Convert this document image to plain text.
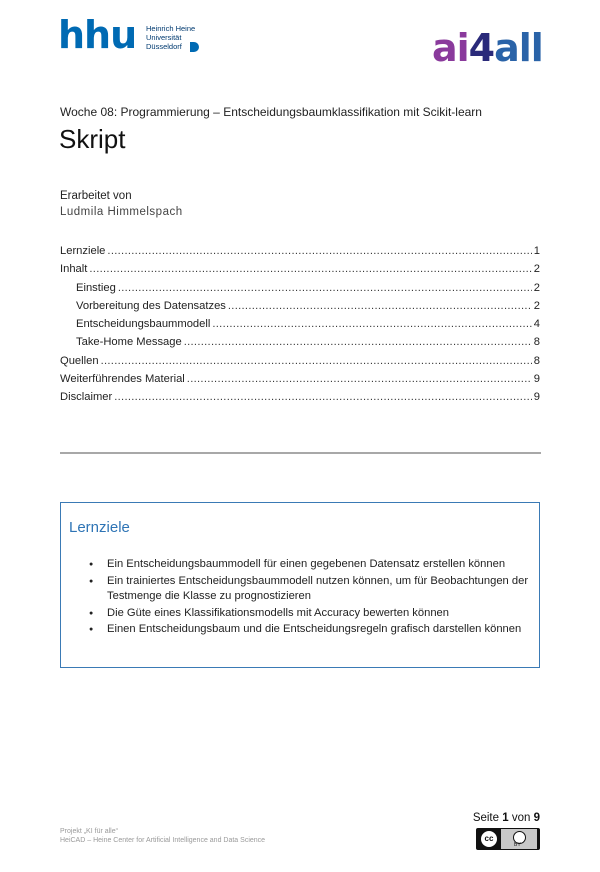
hhu Heinrich Heine
Universität
Düsseldorf	ai4all
Woche 08: Programmierung – Entscheidungsbaumklassifikation mit Scikit-learn
Skript
Erarbeitet von
Ludmila Himmelspach
Lernziele .....	1
Inhalt .....	2
Einstieg .....	2
Vorbereitung des Datensatzes .....	2
Entscheidungsbaummodell .....	4
Take-Home Message .....	8
Quellen .....	8
Weiterführendes Material .....	9
Disclaimer .....	9
Lernziele
● Ein Entscheidungsbaummodell für einen gegebenen Datensatz erstellen können
● Ein trainiertes Entscheidungsbaummodell nutzen können, um für Beobachtungen der Testmenge die Klasse zu prognostizieren
● Die Güte eines Klassifikationsmodells mit Accuracy bewerten können
● Einen Entscheidungsbaum und die Entscheidungsregeln grafisch darstellen können
Seite 1 von 9
Projekt „KI für alle“
HeiCAD – Heine Center for Artificial Intelligence and Data Science	cc
BY
